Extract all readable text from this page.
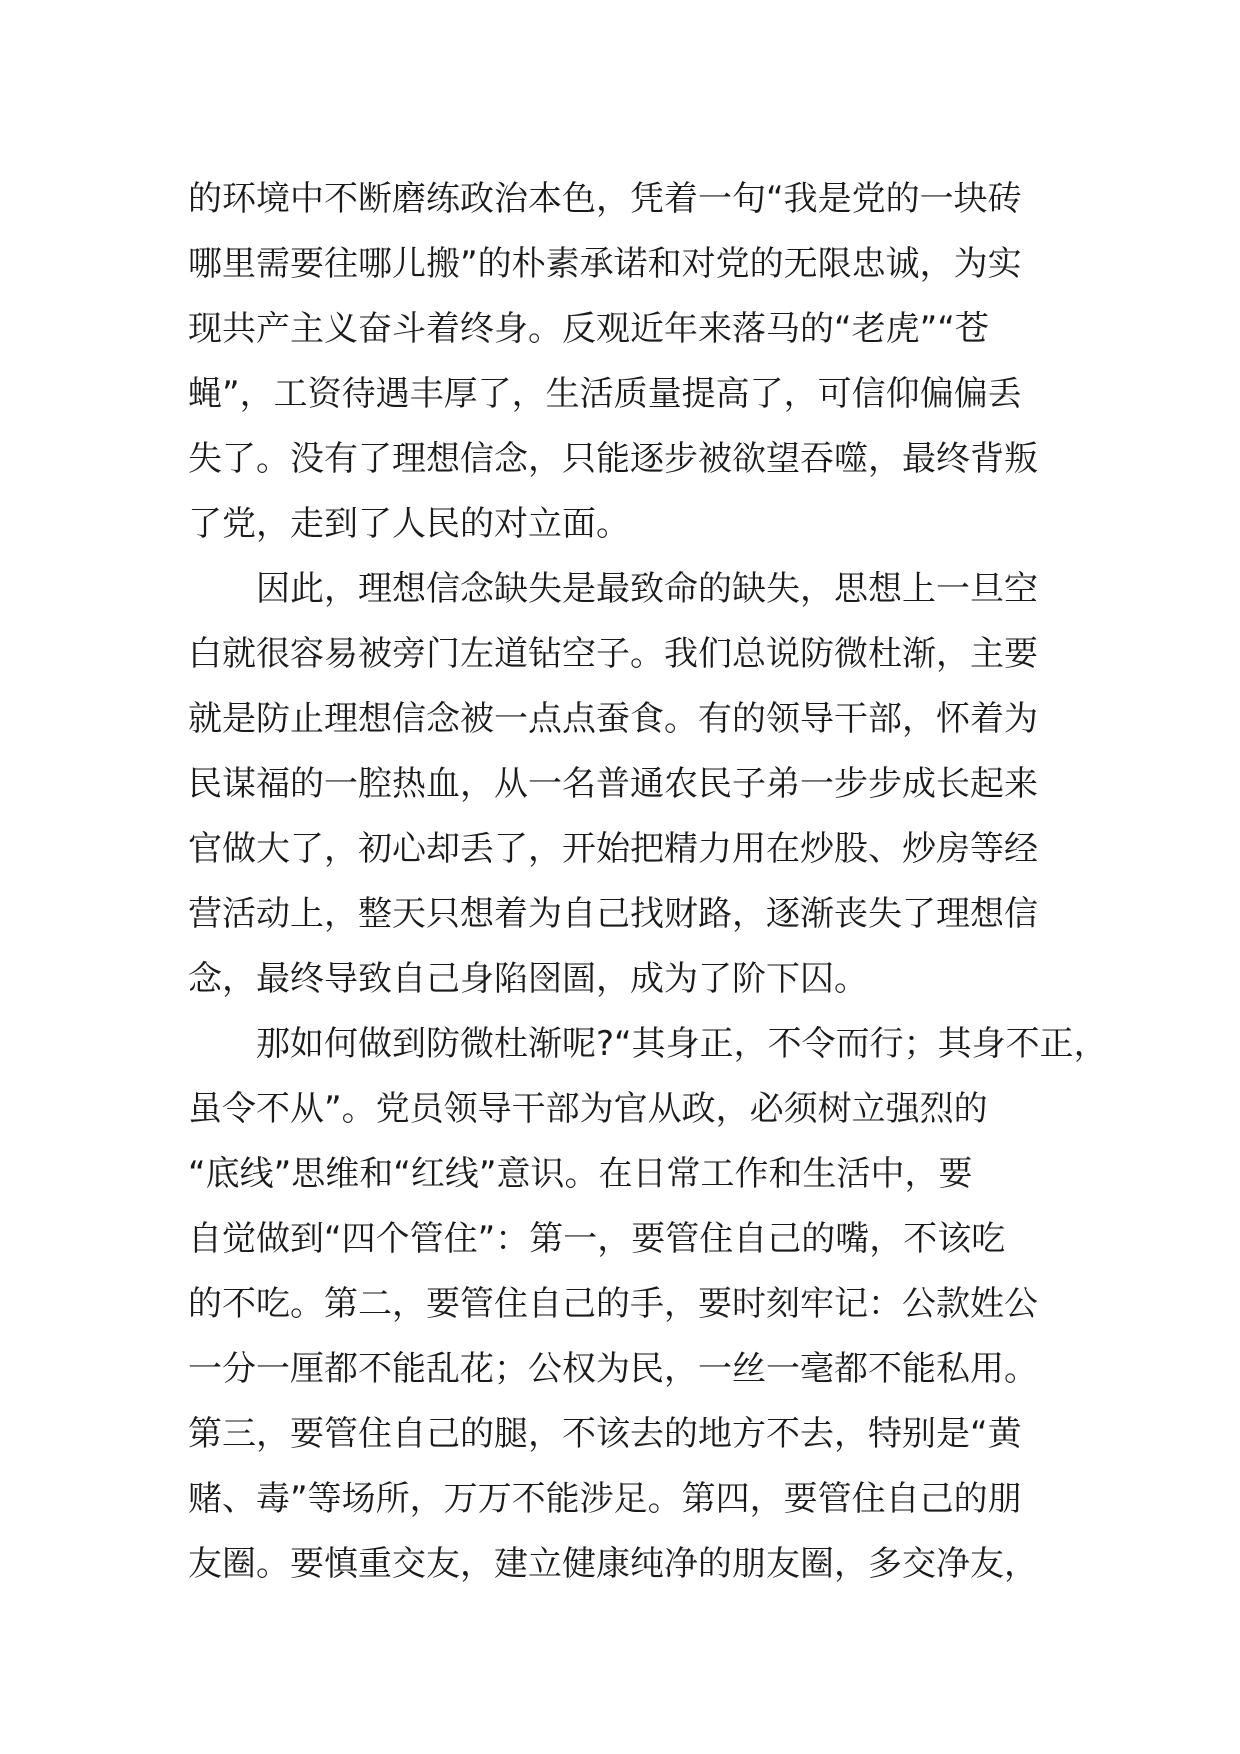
的环境中不断磨练政治本色，凭着一句“我是党的一块砖
哪里需要往哪儿搬”的朴素承诺和对党的无限忠诚，为实
现共产主义奋斗着终身。反观近年来落马的“老虎”“苍
蝇”，工资待遇丰厚了，生活质量提高了，可信仰偏偏丢
失了。没有了理想信念，只能逐步被欲望吞噬，最终背叛
了党，走到了人民的对立面。
因此，理想信念缺失是最致命的缺失，思想上一旦空
白就很容易被旁门左道钻空子。我们总说防微杜渐，主要
就是防止理想信念被一点点蚕食。有的领导干部，怀着为
民谋福的一腔热血，从一名普通农民子弟一步步成长起来
官做大了，初心却丢了，开始把精力用在炒股、炒房等经
营活动上，整天只想着为自己找财路，逐渐丧失了理想信
念，最终导致自己身陷囹圄，成为了阶下囚。
那如何做到防微杜渐呢?“其身正，不令而行；其身不正，
虽令不从”。党员领导干部为官从政，必须树立强烈的
“底线”思维和“红线”意识。在日常工作和生活中，要
自觉做到“四个管住”：第一，要管住自己的嘴，不该吃
的不吃。第二，要管住自己的手，要时刻牢记：公款姓公
一分一厘都不能乱花；公权为民，一丝一毫都不能私用。
第三，要管住自己的腿，不该去的地方不去，特别是“黄
赌、毒”等场所，万万不能涉足。第四，要管住自己的朋
友圈。要慎重交友，建立健康纯净的朋友圈，多交净友，
